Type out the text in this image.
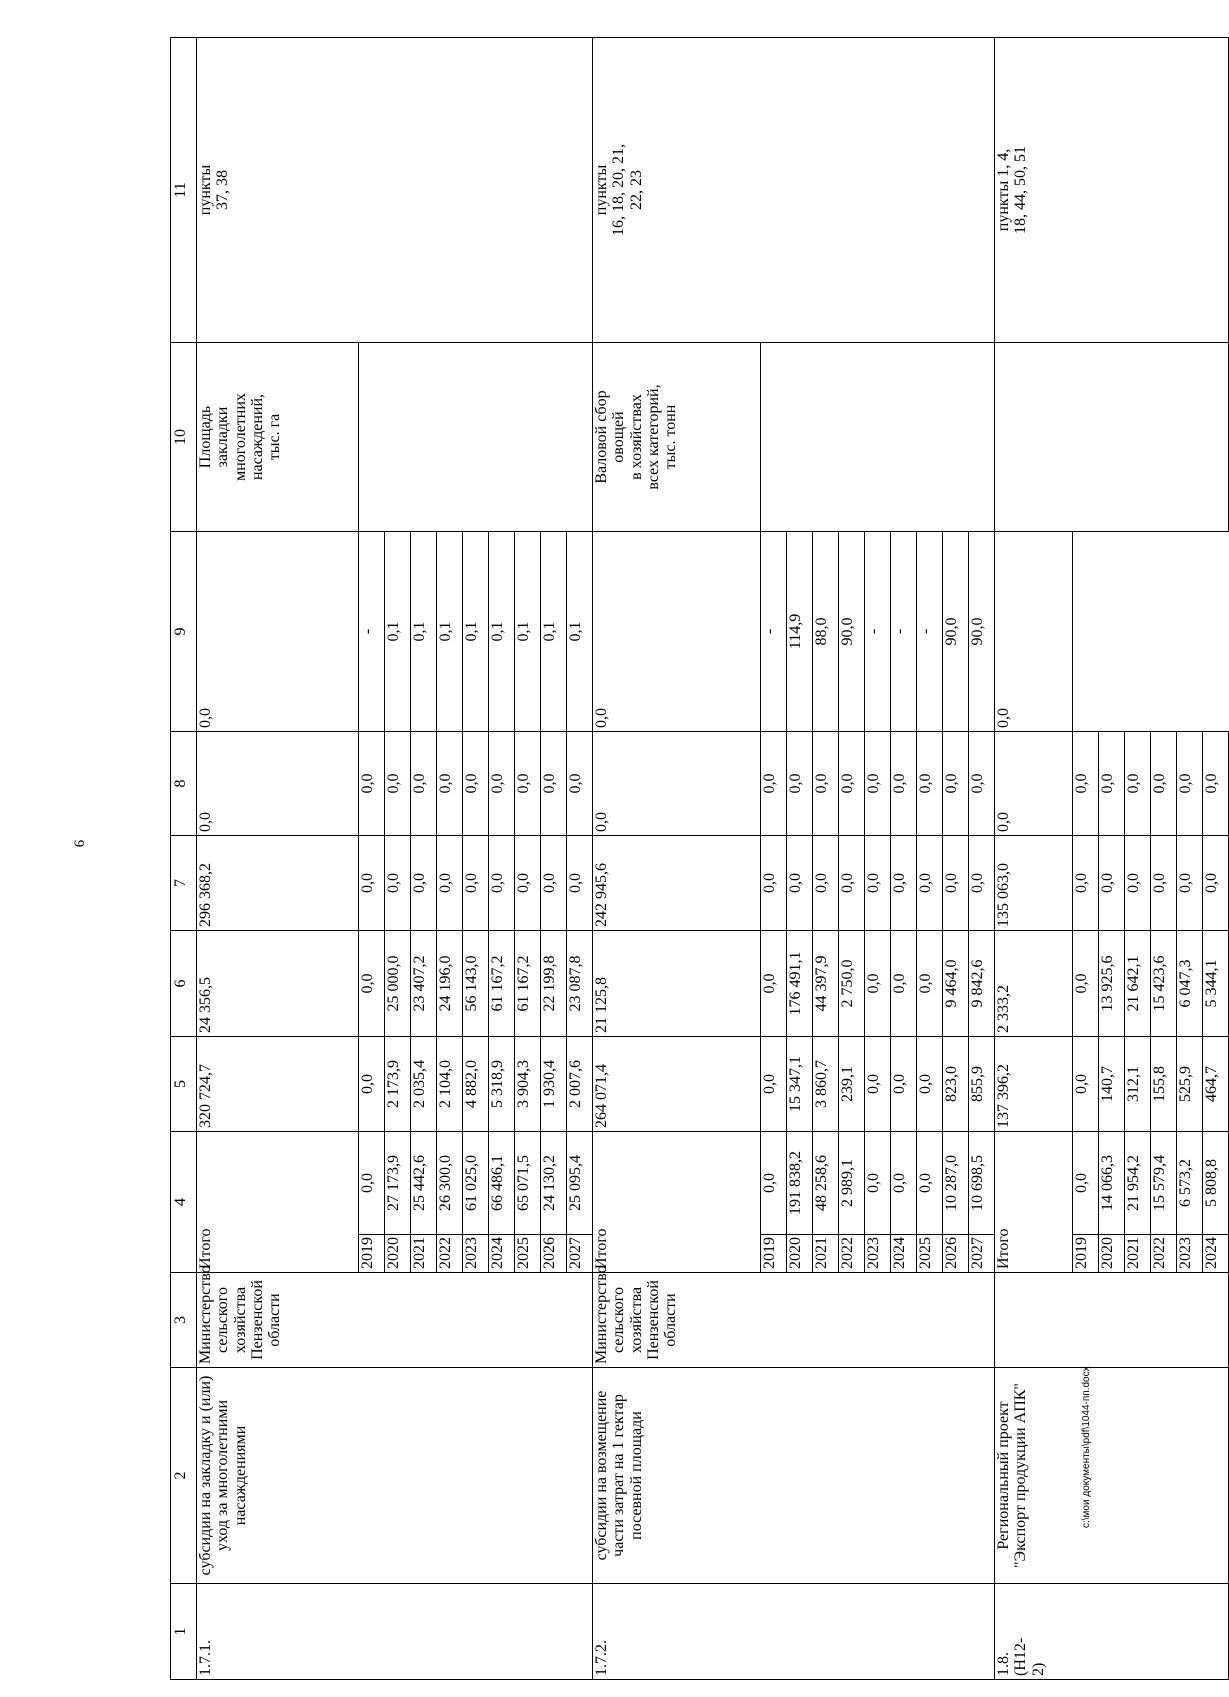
9
c:\мои документы\pdf\1044-пп.docx
1	2	3	4		5	6	7	8	9	10	11
1.7.1.	субсидии на закладку и (или) уход за многолетними насаждениями	Министерство
сельского
хозяйства
Пензенской
области	Итого		320 724,7	24 356,5	296 368,2	0,0	0,0	Площадь
закладки
многолетних
насаждений,
тыс. га	пункты
37, 38
			2019	0,0	0,0	0,0	0,0	0,0	-		
			2020	27 173,9	2 173,9	25 000,0	0,0	0,0	0,1		
			2021	25 442,6	2 035,4	23 407,2	0,0	0,0	0,1		
			2022	26 300,0	2 104,0	24 196,0	0,0	0,0	0,1		
			2023	61 025,0	4 882,0	56 143,0	0,0	0,0	0,1		
			2024	66 486,1	5 318,9	61 167,2	0,0	0,0	0,1		
			2025	65 071,5	3 904,3	61 167,2	0,0	0,0	0,1		
			2026	24 130,2	1 930,4	22 199,8	0,0	0,0	0,1		
			2027	25 095,4	2 007,6	23 087,8	0,0	0,0	0,1		
1.7.2.	субсидии на возмещение части затрат на 1 гектар посевной площади	Министерство
сельского
хозяйства
Пензенской
области	Итого		264 071,4	21 125,8	242 945,6	0,0	0,0	Валовой сбор
овощей
в хозяйствах
всех категорий,
тыс. тонн	пункты
16, 18, 20, 21,
22, 23
			2019	0,0	0,0	0,0	0,0	0,0	-		
			2020	191 838,2	15 347,1	176 491,1	0,0	0,0	114,9		
			2021	48 258,6	3 860,7	44 397,9	0,0	0,0	88,0		
			2022	2 989,1	239,1	2 750,0	0,0	0,0	90,0		
			2023	0,0	0,0	0,0	0,0	0,0	-		
			2024	0,0	0,0	0,0	0,0	0,0	-		
			2025	0,0	0,0	0,0	0,0	0,0	-		
			2026	10 287,0	823,0	9 464,0	0,0	0,0	90,0		
			2027	10 698,5	855,9	9 842,6	0,0	0,0	90,0		
1.8.
(Н12-
2)	Региональный проект
"Экспорт продукции АПК"		Итого		137 396,2	2 333,2	135 063,0	0,0	0,0		пункты 1, 4,
18, 44, 50, 51
			2019	0,0	0,0	0,0	0,0	0,0			
			2020	14 066,3	140,7	13 925,6	0,0	0,0			
			2021	21 954,2	312,1	21 642,1	0,0	0,0			
			2022	15 579,4	155,8	15 423,6	0,0	0,0			
			2023	6 573,2	525,9	6 047,3	0,0	0,0			
			2024	5 808,8	464,7	5 344,1	0,0	0,0			
